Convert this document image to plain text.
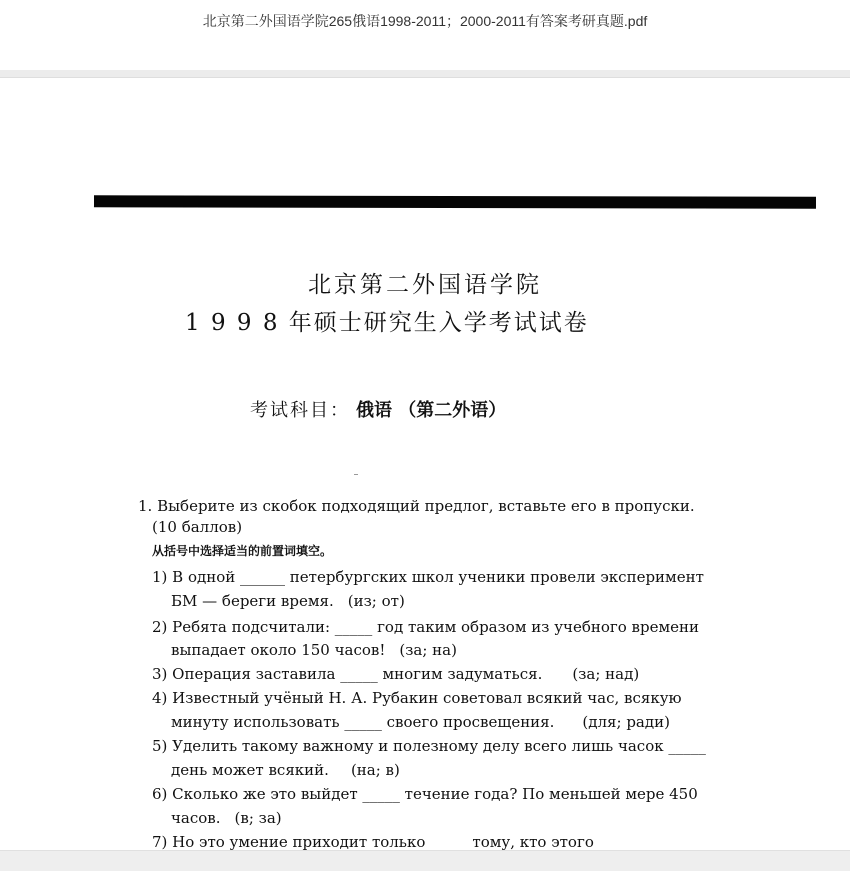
北京第二外国语学院265俄语1998-2011；2000-2011有答案考研真题.pdf
北京第二外国语学院
1 9 9 8 年硕士研究生入学考试试卷
考试科目： 俄语 （第二外语）
1. Выберите из скобок подходящий предлог, вставьте его в пропуски.
(10 баллов)
从括号中选择适当的前置词填空。
1) В одной ______ петербургских школ ученики провели эксперимент
БМ — береги время. (из; от)
2) Ребята подсчитали: _____ год таким образом из учебного времени
выпадает около 150 часов! (за; на)
3) Операция заставила _____ многим задуматься. (за; над)
4) Известный учёный Н. А. Рубакин советовал всякий час, всякую
минуту использовать _____ своего просвещения. (для; ради)
5) Уделить такому важному и полезному делу всего лишь часок _____
день может всякий. (на; в)
6) Сколько же это выйдет _____ течение года? По меньшей мере 450
часов. (в; за)
7) Но это умение приходит только _____ тому, кто этого
